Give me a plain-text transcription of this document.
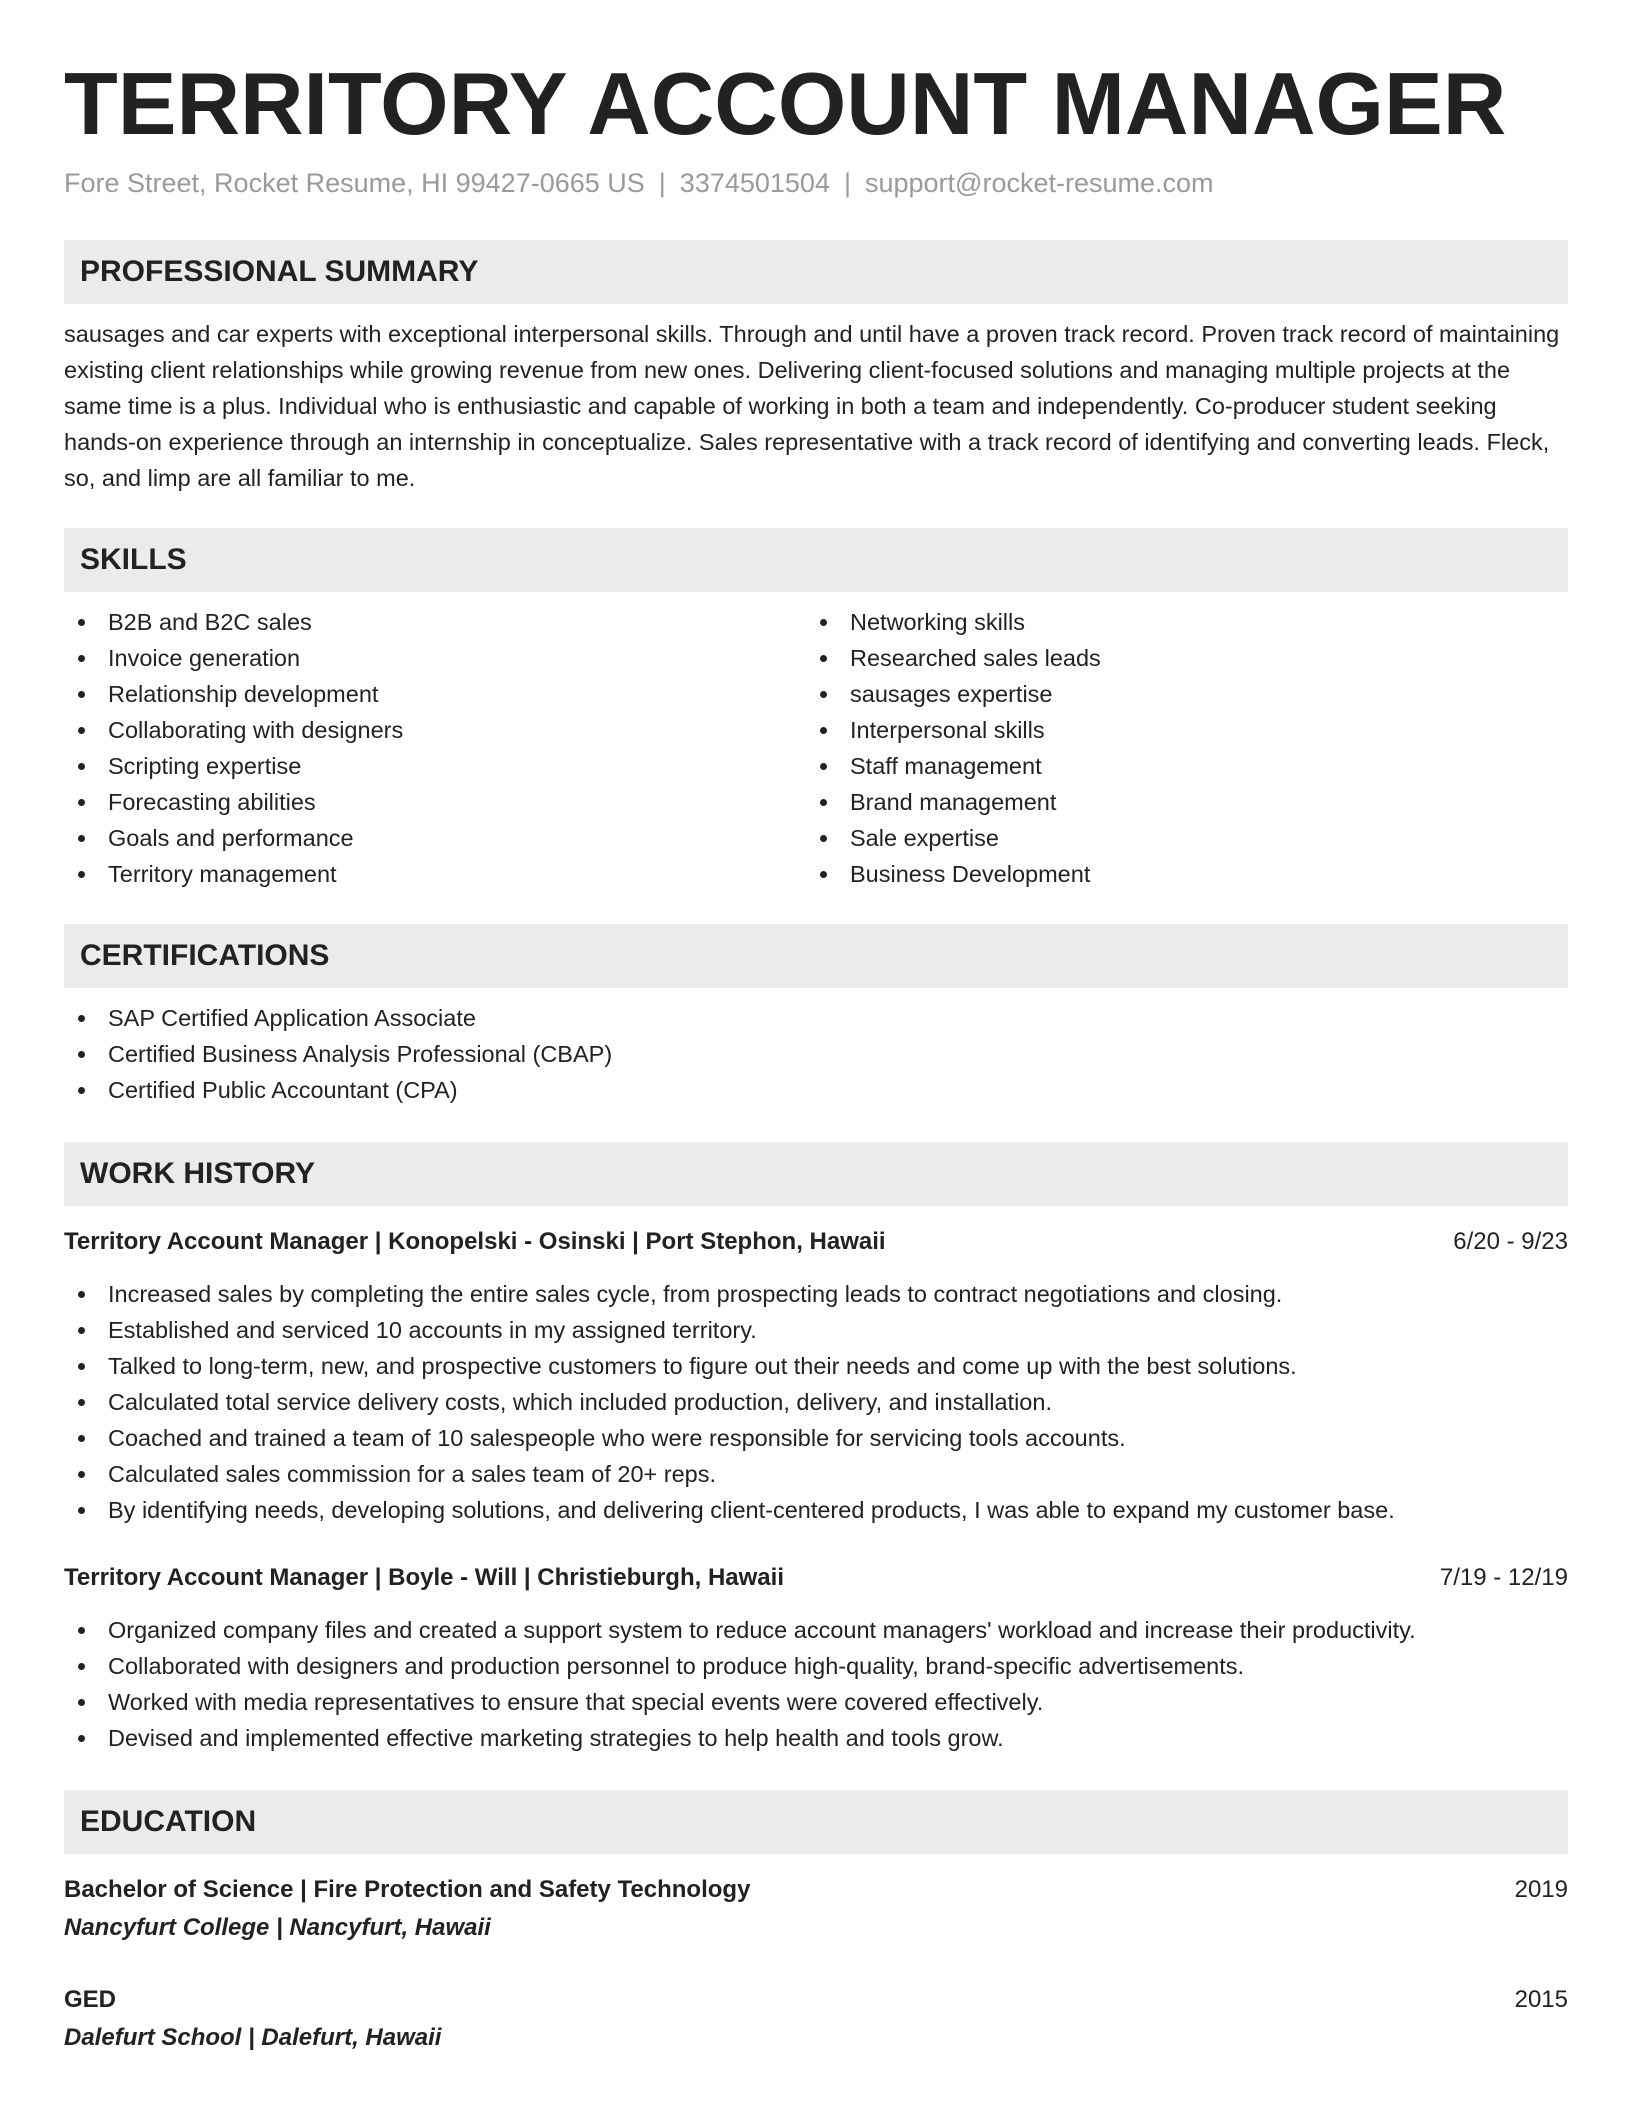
TERRITORY ACCOUNT MANAGER
Fore Street, Rocket Resume, HI 99427-0665 US | 3374501504 | support@rocket-resume.com
PROFESSIONAL SUMMARY

sausages and car experts with exceptional interpersonal skills. Through and until have a proven track record. Proven track record of maintaining existing client relationships while growing revenue from new ones. Delivering client-focused solutions and managing multiple projects at the same time is a plus. Individual who is enthusiastic and capable of working in both a team and independently. Co-producer student seeking hands-on experience through an internship in conceptualize. Sales representative with a track record of identifying and converting leads. Fleck, so, and limp are all familiar to me.

SKILLS
B2B and B2C sales
Invoice generation
Relationship development
Collaborating with designers
Scripting expertise
Forecasting abilities
Goals and performance
Territory management
Networking skills
Researched sales leads
sausages expertise
Interpersonal skills
Staff management
Brand management
Sale expertise
Business Development
CERTIFICATIONS
SAP Certified Application Associate
Certified Business Analysis Professional (CBAP)
Certified Public Accountant (CPA)
WORK HISTORY
Territory Account Manager | Konopelski - Osinski | Port Stephon, Hawaii	6/20 - 9/23
Increased sales by completing the entire sales cycle, from prospecting leads to contract negotiations and closing.
Established and serviced 10 accounts in my assigned territory.
Talked to long-term, new, and prospective customers to figure out their needs and come up with the best solutions.
Calculated total service delivery costs, which included production, delivery, and installation.
Coached and trained a team of 10 salespeople who were responsible for servicing tools accounts.
Calculated sales commission for a sales team of 20+ reps.
By identifying needs, developing solutions, and delivering client-centered products, I was able to expand my customer base.
Territory Account Manager | Boyle - Will | Christieburgh, Hawaii	7/19 - 12/19
Organized company files and created a support system to reduce account managers' workload and increase their productivity.
Collaborated with designers and production personnel to produce high-quality, brand-specific advertisements.
Worked with media representatives to ensure that special events were covered effectively.
Devised and implemented effective marketing strategies to help health and tools grow.
EDUCATION
Bachelor of Science | Fire Protection and Safety Technology	2019
Nancyfurt College | Nancyfurt, Hawaii
GED	2015
Dalefurt School | Dalefurt, Hawaii
